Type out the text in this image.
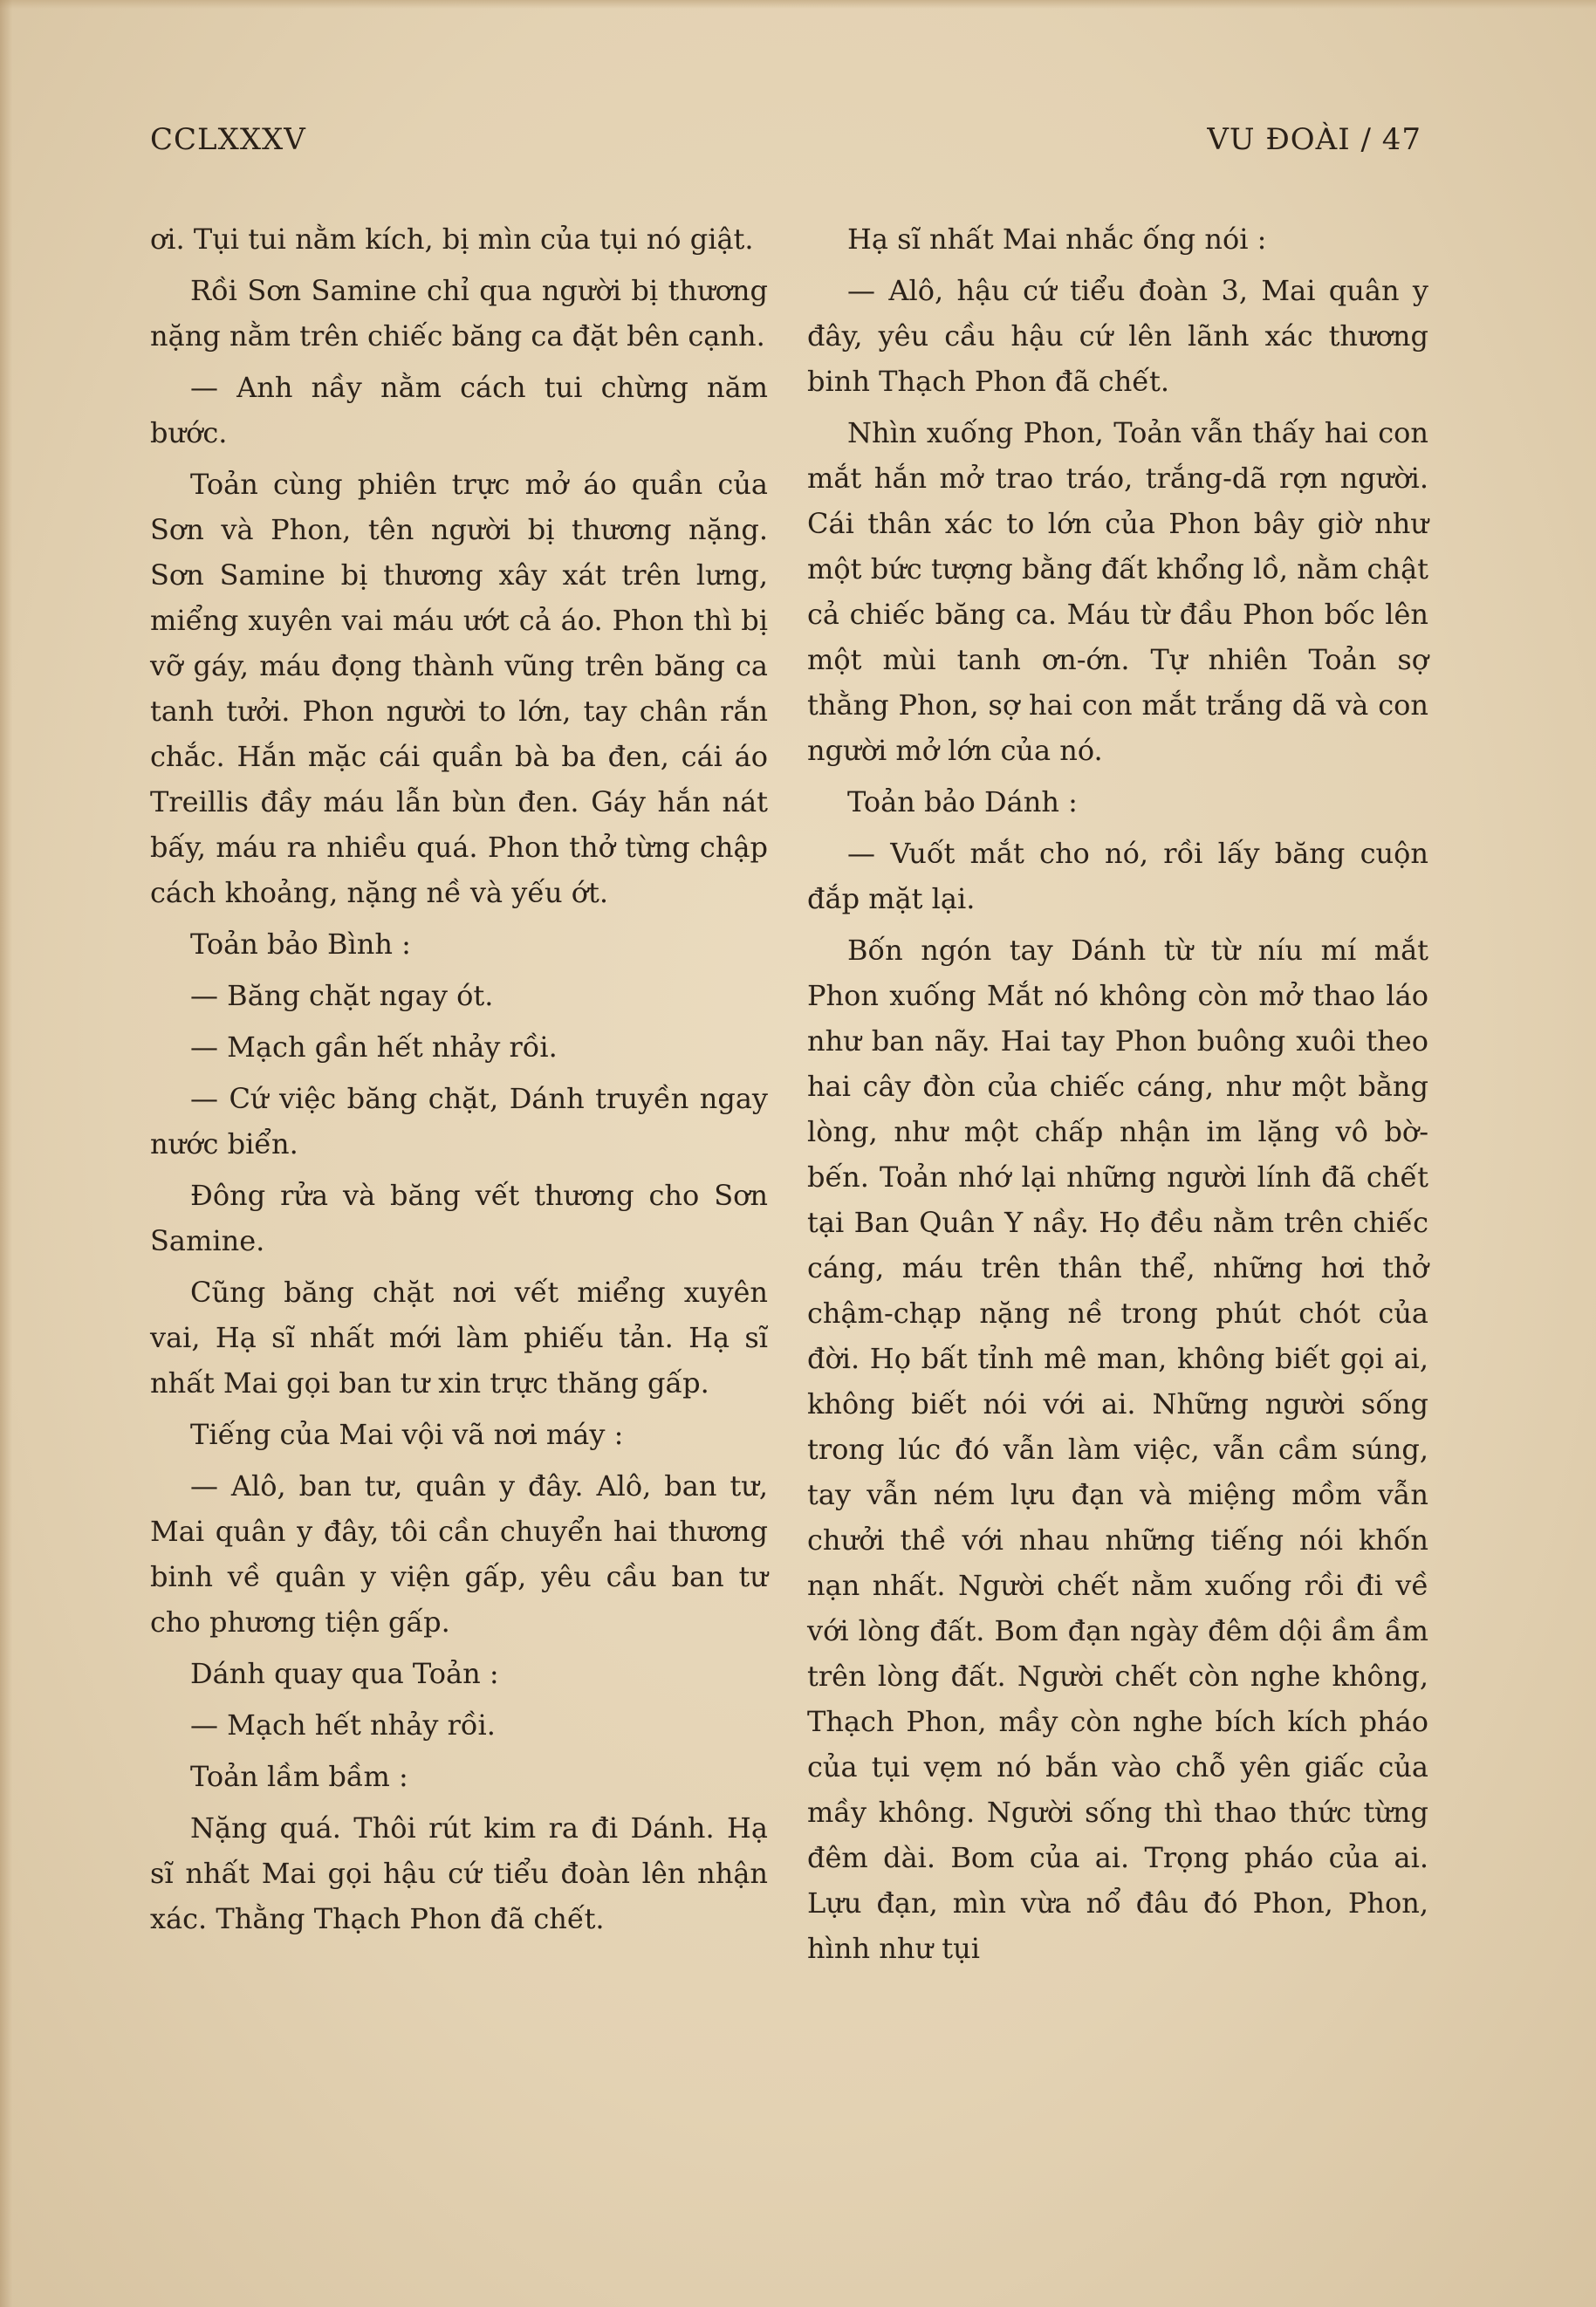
CCLXXXV	VU ĐOÀI / 47

ơi. Tụi tui nằm kích, bị mìn của tụi nó giật.

Rồi Sơn Samine chỉ qua người bị thương nặng nằm trên chiếc băng ca đặt bên cạnh.

— Anh nầy nằm cách tui chừng năm bước.

Toản cùng phiên trực mở áo quần của Sơn và Phon, tên người bị thương nặng. Sơn Samine bị thương xây xát trên lưng, miểng xuyên vai máu ướt cả áo. Phon thì bị vỡ gáy, máu đọng thành vũng trên băng ca tanh tưởi. Phon người to lớn, tay chân rắn chắc. Hắn mặc cái quần bà ba đen, cái áo Treillis đầy máu lẫn bùn đen. Gáy hắn nát bấy, máu ra nhiều quá. Phon thở từng chập cách khoảng, nặng nề và yếu ớt.

Toản bảo Bình :

— Băng chặt ngay ót.

— Mạch gần hết nhảy rồi.

— Cứ việc băng chặt, Dánh truyền ngay nước biển.

Đông rửa và băng vết thương cho Sơn Samine.

Cũng băng chặt nơi vết miểng xuyên vai, Hạ sĩ nhất mới làm phiếu tản. Hạ sĩ nhất Mai gọi ban tư xin trực thăng gấp.

Tiếng của Mai vội vã nơi máy :

— Alô, ban tư, quân y đây. Alô, ban tư, Mai quân y đây, tôi cần chuyển hai thương binh về quân y viện gấp, yêu cầu ban tư cho phương tiện gấp.

Dánh quay qua Toản :

— Mạch hết nhảy rồi.

Toản lầm bầm :

Nặng quá. Thôi rút kim ra đi Dánh. Hạ sĩ nhất Mai gọi hậu cứ tiểu đoàn lên nhận xác. Thằng Thạch Phon đã chết.

Hạ sĩ nhất Mai nhắc ống nói :

— Alô, hậu cứ tiểu đoàn 3, Mai quân y đây, yêu cầu hậu cứ lên lãnh xác thương binh Thạch Phon đã chết.

Nhìn xuống Phon, Toản vẫn thấy hai con mắt hắn mở trao tráo, trắng-dã rợn người. Cái thân xác to lớn của Phon bây giờ như một bức tượng bằng đất khổng lồ, nằm chật cả chiếc băng ca. Máu từ đầu Phon bốc lên một mùi tanh ơn-ớn. Tự nhiên Toản sợ thằng Phon, sợ hai con mắt trắng dã và con người mở lớn của nó.

Toản bảo Dánh :

— Vuốt mắt cho nó, rồi lấy băng cuộn đắp mặt lại.

Bốn ngón tay Dánh từ từ níu mí mắt Phon xuống Mắt nó không còn mở thao láo như ban nãy. Hai tay Phon buông xuôi theo hai cây đòn của chiếc cáng, như một bằng lòng, như một chấp nhận im lặng vô bờ-bến. Toản nhớ lại những người lính đã chết tại Ban Quân Y nầy. Họ đều nằm trên chiếc cáng, máu trên thân thể, những hơi thở chậm-chạp nặng nề trong phút chót của đời. Họ bất tỉnh mê man, không biết gọi ai, không biết nói với ai. Những người sống trong lúc đó vẫn làm việc, vẫn cầm súng, tay vẫn ném lựu đạn và miệng mồm vẫn chưởi thề với nhau những tiếng nói khốn nạn nhất. Người chết nằm xuống rồi đi về với lòng đất. Bom đạn ngày đêm dội ầm ầm trên lòng đất. Người chết còn nghe không, Thạch Phon, mầy còn nghe bích kích pháo của tụi vẹm nó bắn vào chỗ yên giấc của mầy không. Người sống thì thao thức từng đêm dài. Bom của ai. Trọng pháo của ai. Lựu đạn, mìn vừa nổ đâu đó Phon, Phon, hình như tụi
